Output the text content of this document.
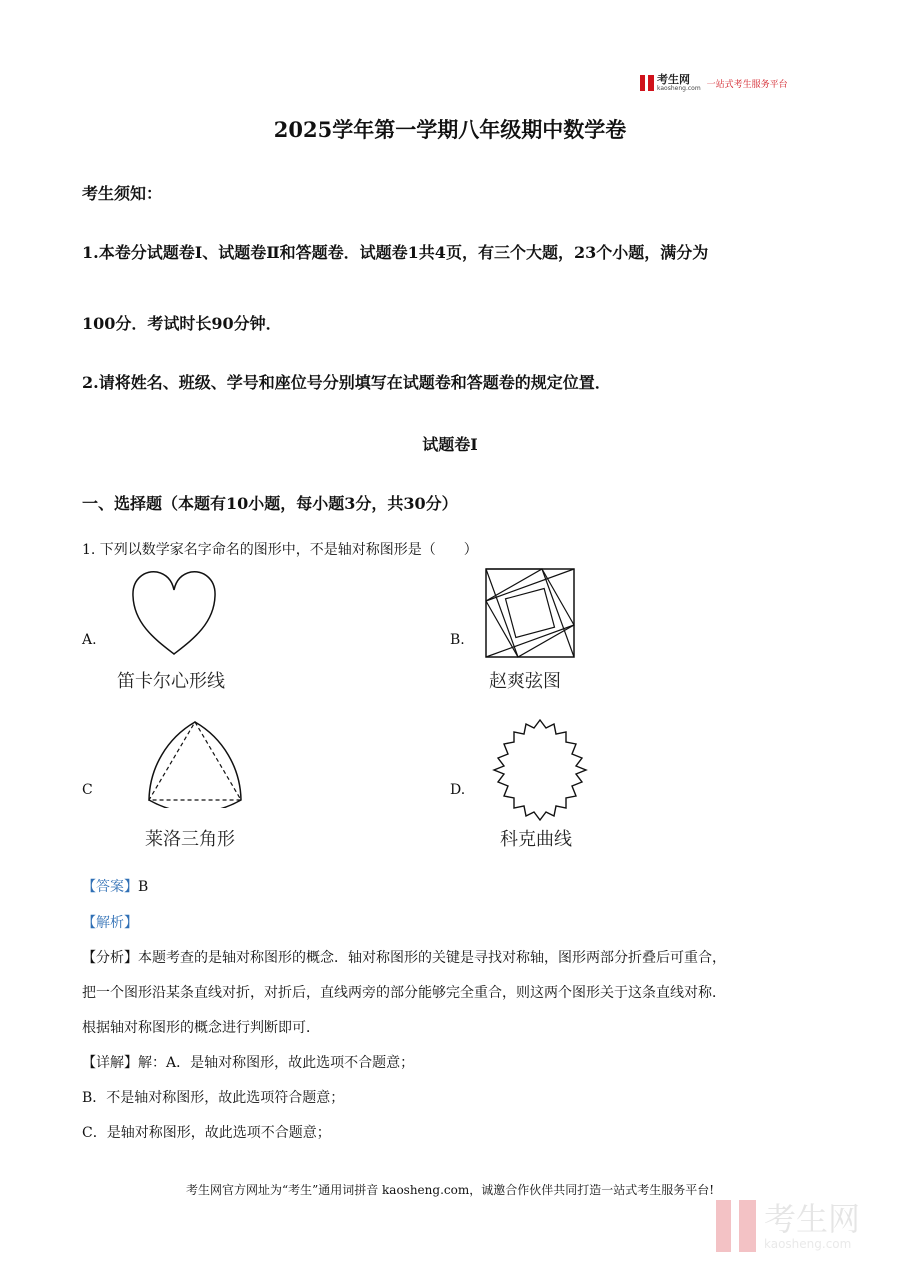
考生网
kaosheng.com 一站式考生服务平台
2025学年第一学期八年级期中数学卷
考生须知：
1.本卷分试题卷Ⅰ、试题卷Ⅱ和答题卷．试题卷1共4页，有三个大题，23个小题，满分为
100分．考试时长90分钟．
2.请将姓名、班级、学号和座位号分别填写在试题卷和答题卷的规定位置．
试题卷Ⅰ
一、选择题（本题有10小题，每小题3分，共30分）
1. 下列以数学家名字命名的图形中，不是轴对称图形是（　　）
A.
笛卡尔心形线
B.
赵爽弦图
C
莱洛三角形
D.
科克曲线
【答案】B
【解析】
【分析】本题考查的是轴对称图形的概念．轴对称图形的关键是寻找对称轴，图形两部分折叠后可重合，
把一个图形沿某条直线对折，对折后，直线两旁的部分能够完全重合，则这两个图形关于这条直线对称．
根据轴对称图形的概念进行判断即可．
【详解】解：A．是轴对称图形，故此选项不合题意；
B．不是轴对称图形，故此选项符合题意；
C．是轴对称图形，故此选项不合题意；
考生网官方网址为“考生”通用词拼音 kaosheng.com，诚邀合作伙伴共同打造一站式考生服务平台!
考生网
kaosheng.com
